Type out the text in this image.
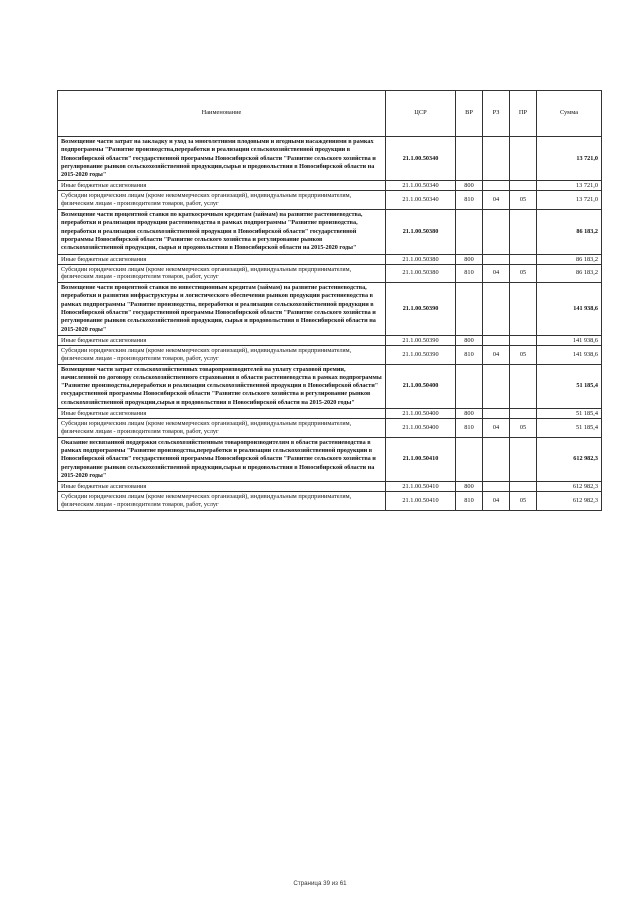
Наименование	ЦСР	ВР	РЗ	ПР	Сумма
Возмещение части затрат на закладку и уход за многолетними плодовыми и ягодными насаждениями в рамках подпрограммы "Развитие производства,переработки и реализации сельскохозяйственной продукции в Новосибирской области" государственной программы Новосибирской области "Развитие сельского хозяйства и регулирование рынков сельскохозяйственной продукции,сырья и продовольствия в Новосибирской области на 2015-2020 годы"	21.1.00.50340				13 721,0
Иные бюджетные ассигнования	21.1.00.50340	800			13 721,0
Субсидии юридическим лицам (кроме некоммерческих организаций), индивидуальным предпринимателям, физическим лицам - производителям товаров, работ, услуг	21.1.00.50340	810	04	05	13 721,0
Возмещение части процентной ставки по краткосрочным кредитам (займам) на развитие растениеводства, переработки и реализации продукции растениеводства в рамках подпрограммы "Развитие производства, переработки и реализации сельскохозяйственной продукции в Новосибирской области" государственной программы Новосибирской области "Развитие сельского хозяйства и регулирование рынков сельскохозяйственной продукции, сырья и продовольствия в Новосибирской области на 2015-2020 годы"	21.1.00.50380				86 183,2
Иные бюджетные ассигнования	21.1.00.50380	800			86 183,2
Субсидии юридическим лицам (кроме некоммерческих организаций), индивидуальным предпринимателям, физическим лицам - производителям товаров, работ, услуг	21.1.00.50380	810	04	05	86 183,2
Возмещение части процентной ставки по инвестиционным кредитам (займам) на развитие растениеводства, переработки и развития инфраструктуры и логистического обеспечения рынков продукции растениеводства в рамках подпрограммы "Развитие производства, переработки и реализации сельскохозяйственной продукции в Новосибирской области" государственной программы Новосибирской области "Развитие сельского хозяйства и регулирование рынков сельскохозяйственной продукции, сырья и продовольствия в Новосибирской области на 2015-2020 годы"	21.1.00.50390				141 938,6
Иные бюджетные ассигнования	21.1.00.50390	800			141 938,6
Субсидии юридическим лицам (кроме некоммерческих организаций), индивидуальным предпринимателям, физическим лицам - производителям товаров, работ, услуг	21.1.00.50390	810	04	05	141 938,6
Возмещение части затрат сельскохозяйственных товаропроизводителей на уплату страховой премии, начисленной по договору сельскохозяйственного страхования в области растениеводства в рамках подпрограммы "Развитие производства,переработки и реализации сельскохозяйственной продукции в Новосибирской области" государственной программы Новосибирской области "Развитие сельского хозяйства и регулирование рынков сельскохозяйственной продукции,сырья и продовольствия в Новосибирской области на 2015-2020 годы"	21.1.00.50400				51 185,4
Иные бюджетные ассигнования	21.1.00.50400	800			51 185,4
Субсидии юридическим лицам (кроме некоммерческих организаций), индивидуальным предпринимателям, физическим лицам - производителям товаров, работ, услуг	21.1.00.50400	810	04	05	51 185,4
Оказание несвязанной поддержки сельскохозяйственным товаропроизводителям в области растениеводства в рамках подпрограммы "Развитие производства,переработки и реализации сельскохозяйственной продукции в Новосибирской области" государственной программы Новосибирской области "Развитие сельского хозяйства и регулирование рынков сельскохозяйственной продукции,сырья и продовольствия в Новосибирской области на 2015-2020 годы"	21.1.00.50410				612 982,3
Иные бюджетные ассигнования	21.1.00.50410	800			612 982,3
Субсидии юридическим лицам (кроме некоммерческих организаций), индивидуальным предпринимателям, физическим лицам - производителям товаров, работ, услуг	21.1.00.50410	810	04	05	612 982,3
Страница 39 из 61
